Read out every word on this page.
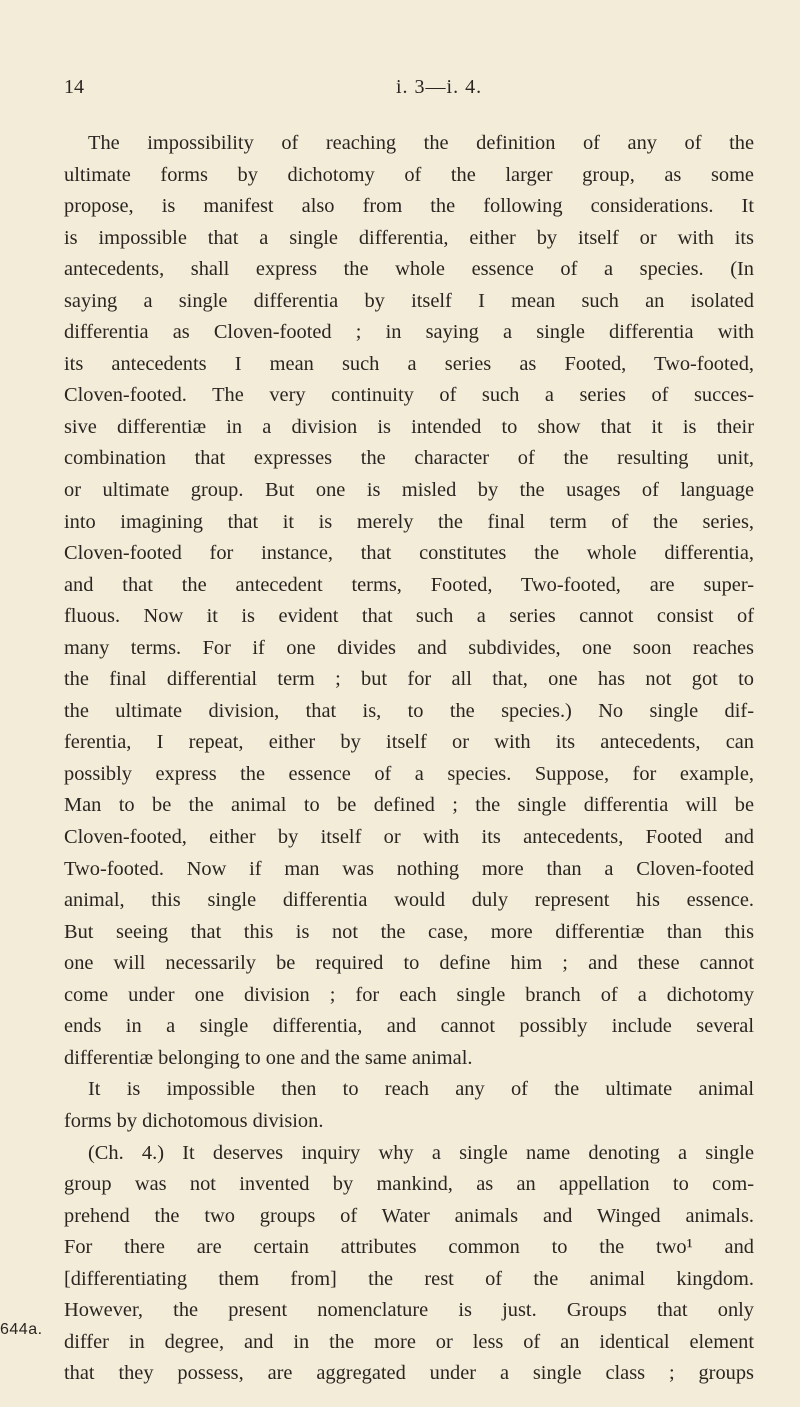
14	i. 3—i. 4.
The impossibility of reaching the definition of any of the
ultimate forms by dichotomy of the larger group, as some
propose, is manifest also from the following considerations. It
is impossible that a single differentia, either by itself or with its
antecedents, shall express the whole essence of a species. (In
saying a single differentia by itself I mean such an isolated
differentia as Cloven-footed ; in saying a single differentia with
its antecedents I mean such a series as Footed, Two-footed,
Cloven-footed. The very continuity of such a series of succes-
sive differentiæ in a division is intended to show that it is their
combination that expresses the character of the resulting unit,
or ultimate group. But one is misled by the usages of language
into imagining that it is merely the final term of the series,
Cloven-footed for instance, that constitutes the whole differentia,
and that the antecedent terms, Footed, Two-footed, are super-
fluous. Now it is evident that such a series cannot consist of
many terms. For if one divides and subdivides, one soon reaches
the final differential term ; but for all that, one has not got to
the ultimate division, that is, to the species.) No single dif-
ferentia, I repeat, either by itself or with its antecedents, can
possibly express the essence of a species. Suppose, for example,
Man to be the animal to be defined ; the single differentia will be
Cloven-footed, either by itself or with its antecedents, Footed and
Two-footed. Now if man was nothing more than a Cloven-footed
animal, this single differentia would duly represent his essence.
But seeing that this is not the case, more differentiæ than this
one will necessarily be required to define him ; and these cannot
come under one division ; for each single branch of a dichotomy
ends in a single differentia, and cannot possibly include several
differentiæ belonging to one and the same animal.
It is impossible then to reach any of the ultimate animal
forms by dichotomous division.
(Ch. 4.) It deserves inquiry why a single name denoting a single
group was not invented by mankind, as an appellation to com-
prehend the two groups of Water animals and Winged animals.
For there are certain attributes common to the two¹ and
[differentiating them from] the rest of the animal kingdom.
However, the present nomenclature is just. Groups that only
differ in degree, and in the more or less of an identical element
that they possess, are aggregated under a single class ; groups
644a.
